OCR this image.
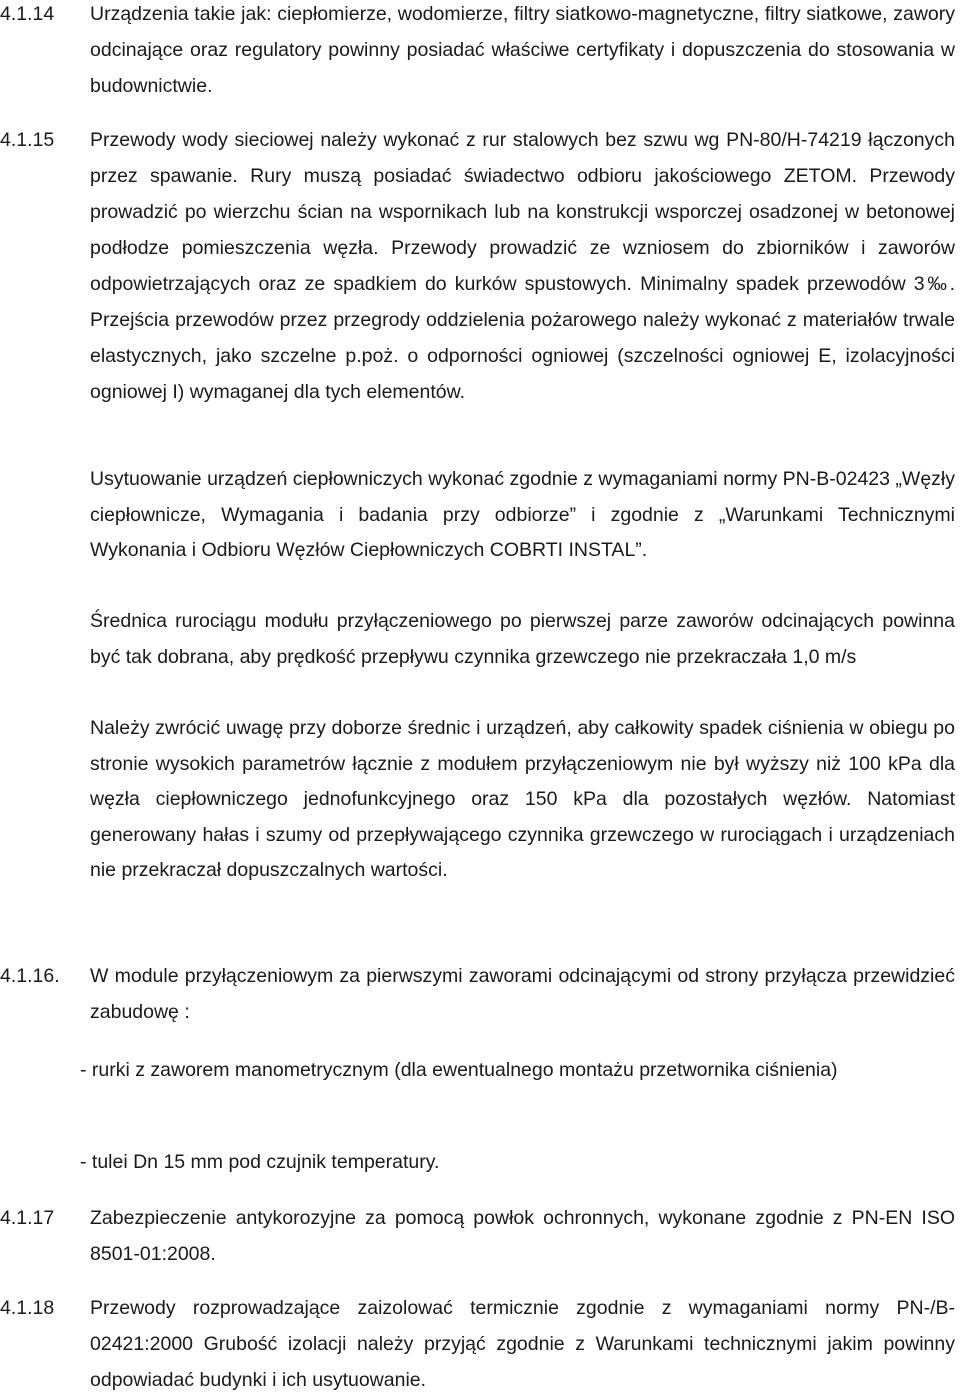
4.1.14 Urządzenia takie jak: ciepłomierze, wodomierze, filtry siatkowo-magnetyczne, filtry siatkowe, zawory odcinające oraz regulatory powinny posiadać właściwe certyfikaty i dopuszczenia do stosowania w budownictwie.
4.1.15 Przewody wody sieciowej należy wykonać z rur stalowych bez szwu wg PN-80/H-74219 łączonych przez spawanie. Rury muszą posiadać świadectwo odbioru jakościowego ZETOM. Przewody prowadzić po wierzchu ścian na wspornikach lub na konstrukcji wsporczej osadzonej w betonowej podłodze pomieszczenia węzła. Przewody prowadzić ze wzniosem do zbiorników i zaworów odpowietrzających oraz ze spadkiem do kurków spustowych. Minimalny spadek przewodów 3‰. Przejścia przewodów przez przegrody oddzielenia pożarowego należy wykonać z materiałów trwale elastycznych, jako szczelne p.poż. o odporności ogniowej (szczelności ogniowej E, izolacyjności ogniowej I) wymaganej dla tych elementów.

Usytuowanie urządzeń ciepłowniczych wykonać zgodnie z wymaganiami normy PN-B-02423 „Węzły ciepłownicze, Wymagania i badania przy odbiorze” i zgodnie z „Warunkami Technicznymi Wykonania i Odbioru Węzłów Ciepłowniczych COBRTI INSTAL”.

Średnica rurociągu modułu przyłączeniowego po pierwszej parze zaworów odcinających powinna być tak dobrana, aby prędkość przepływu czynnika grzewczego nie przekraczała 1,0 m/s

Należy zwrócić uwagę przy doborze średnic i urządzeń, aby całkowity spadek ciśnienia w obiegu po stronie wysokich parametrów łącznie z modułem przyłączeniowym nie był wyższy niż 100 kPa dla węzła ciepłowniczego jednofunkcyjnego oraz 150 kPa dla pozostałych węzłów. Natomiast generowany hałas i szumy od przepływającego czynnika grzewczego w rurociągach i urządzeniach nie przekraczał dopuszczalnych wartości.

4.1.16. W module przyłączeniowym za pierwszymi zaworami odcinającymi od strony przyłącza przewidzieć zabudowę :
- rurki z zaworem manometrycznym (dla ewentualnego montażu przetwornika ciśnienia)
- tulei Dn 15 mm pod czujnik temperatury.
4.1.17 Zabezpieczenie antykorozyjne za pomocą powłok ochronnych, wykonane zgodnie z PN-EN ISO 8501-01:2008.
4.1.18 Przewody rozprowadzające zaizolować termicznie zgodnie z wymaganiami normy PN-/B-02421:2000 Grubość izolacji należy przyjąć zgodnie z Warunkami technicznymi jakim powinny odpowiadać budynki i ich usytuowanie.
